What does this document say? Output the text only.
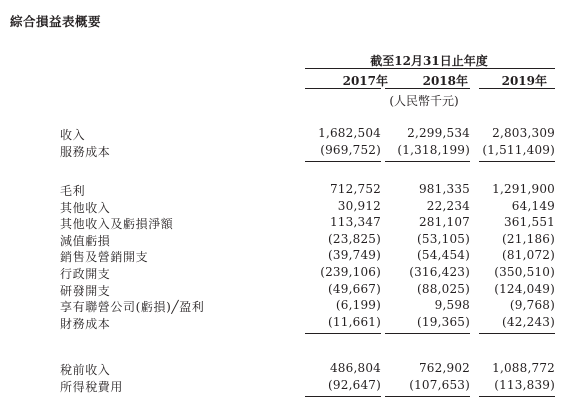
綜合損益表概要
截至12月31日止年度
2017年	2018年	2019年
(人民幣千元)
收入	1,682,504	2,299,534	2,803,309
服務成本	(969,752)	(1,318,199)	(1,511,409)
毛利	712,752	981,335	1,291,900
其他收入	30,912	22,234	64,149
其他收入及虧損淨額	113,347	281,107	361,551
減值虧損	(23,825)	(53,105)	(21,186)
銷售及營銷開支	(39,749)	(54,454)	(81,072)
行政開支	(239,106)	(316,423)	(350,510)
研發開支	(49,667)	(88,025)	(124,049)
享有聯營公司(虧損)╱盈利	(6,199)	9,598	(9,768)
財務成本	(11,661)	(19,365)	(42,243)
稅前收入	486,804	762,902	1,088,772
所得稅費用	(92,647)	(107,653)	(113,839)
